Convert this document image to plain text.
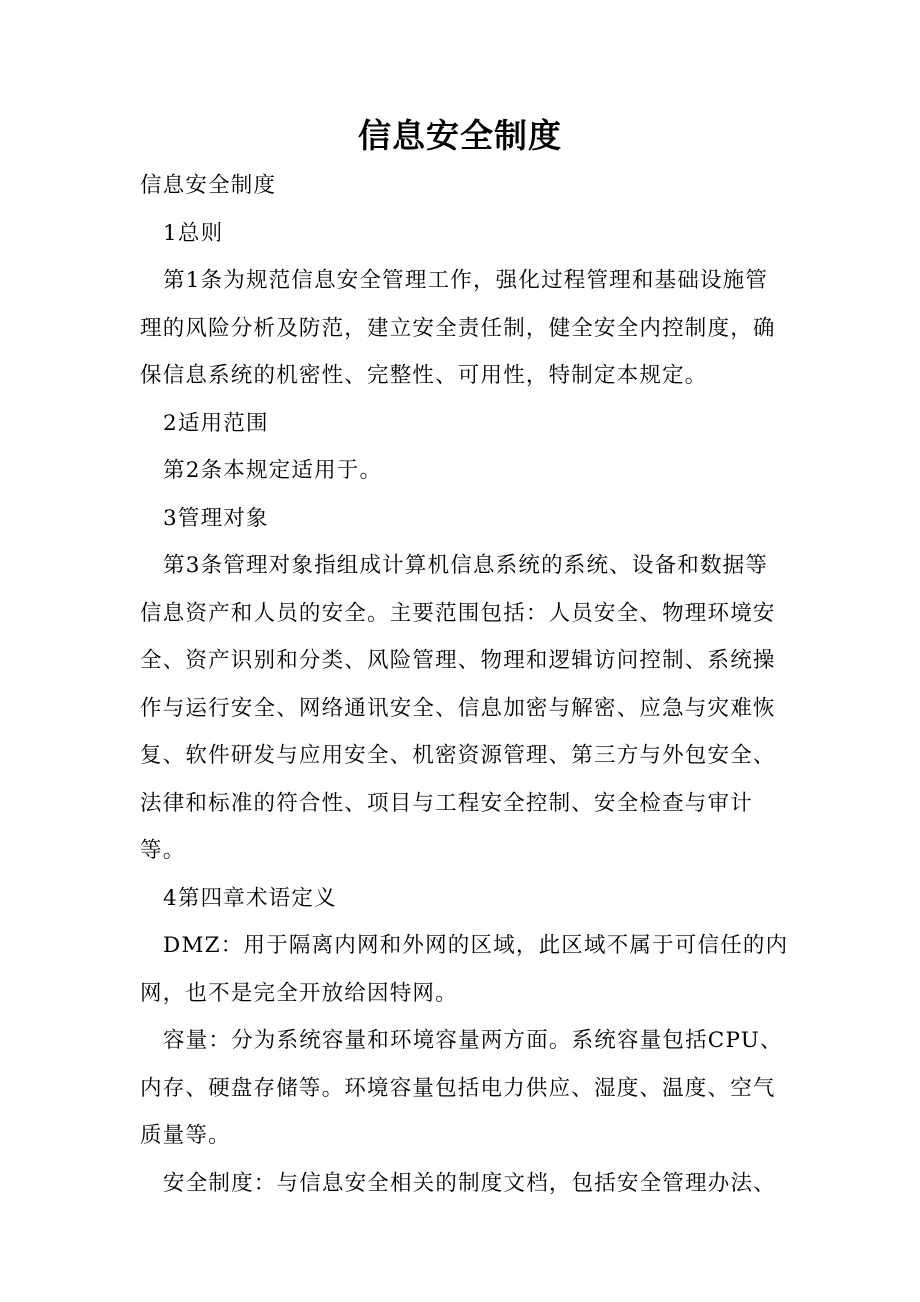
信息安全制度

信息安全制度

1总则

第1条为规范信息安全管理工作，强化过程管理和基础设施管理的风险分析及防范，建立安全责任制，健全安全内控制度，确保信息系统的机密性、完整性、可用性，特制定本规定。

2适用范围

第2条本规定适用于。

3管理对象

第3条管理对象指组成计算机信息系统的系统、设备和数据等信息资产和人员的安全。主要范围包括：人员安全、物理环境安全、资产识别和分类、风险管理、物理和逻辑访问控制、系统操作与运行安全、网络通讯安全、信息加密与解密、应急与灾难恢复、软件研发与应用安全、机密资源管理、第三方与外包安全、法律和标准的符合性、项目与工程安全控制、安全检查与审计等。

4第四章术语定义

DMZ：用于隔离内网和外网的区域，此区域不属于可信任的内网，也不是完全开放给因特网。

容量：分为系统容量和环境容量两方面。系统容量包括CPU、内存、硬盘存储等。环境容量包括电力供应、湿度、温度、空气质量等。

安全制度：与信息安全相关的制度文档，包括安全管理办法、
